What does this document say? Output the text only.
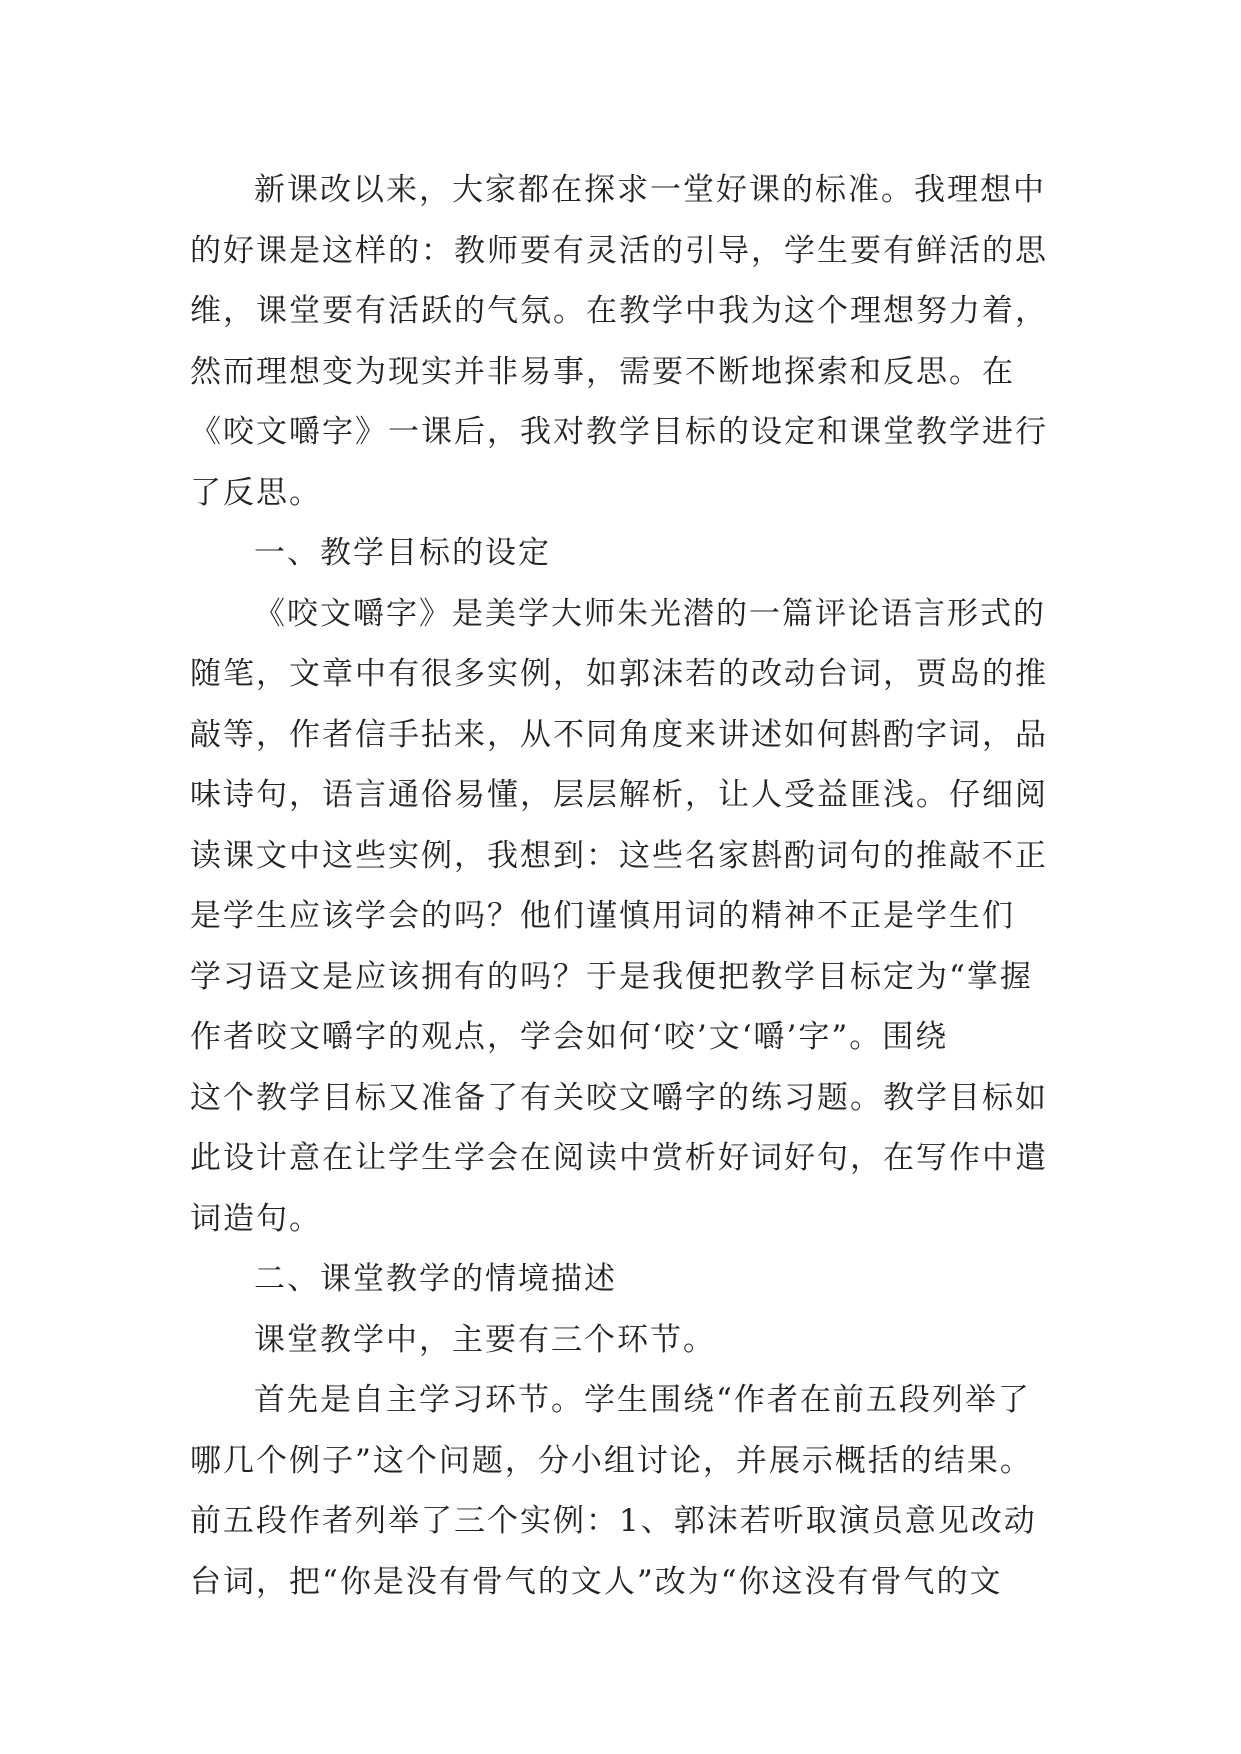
新课改以来，大家都在探求一堂好课的标准。我理想中
的好课是这样的：教师要有灵活的引导，学生要有鲜活的思
维，课堂要有活跃的气氛。在教学中我为这个理想努力着，
然而理想变为现实并非易事，需要不断地探索和反思。在
《咬文嚼字》一课后，我对教学目标的设定和课堂教学进行
了反思。
一、教学目标的设定
《咬文嚼字》是美学大师朱光潜的一篇评论语言形式的
随笔，文章中有很多实例，如郭沫若的改动台词，贾岛的推
敲等，作者信手拈来，从不同角度来讲述如何斟酌字词，品
味诗句，语言通俗易懂，层层解析，让人受益匪浅。仔细阅
读课文中这些实例，我想到：这些名家斟酌词句的推敲不正
是学生应该学会的吗？他们谨慎用词的精神不正是学生们
学习语文是应该拥有的吗？于是我便把教学目标定为“掌握
作者咬文嚼字的观点，学会如何‘咬’文‘嚼’字”。围绕
这个教学目标又准备了有关咬文嚼字的练习题。教学目标如
此设计意在让学生学会在阅读中赏析好词好句，在写作中遣
词造句。
二、课堂教学的情境描述
课堂教学中，主要有三个环节。
首先是自主学习环节。学生围绕“作者在前五段列举了
哪几个例子”这个问题，分小组讨论，并展示概括的结果。
前五段作者列举了三个实例：1、郭沫若听取演员意见改动
台词，把“你是没有骨气的文人”改为“你这没有骨气的文
